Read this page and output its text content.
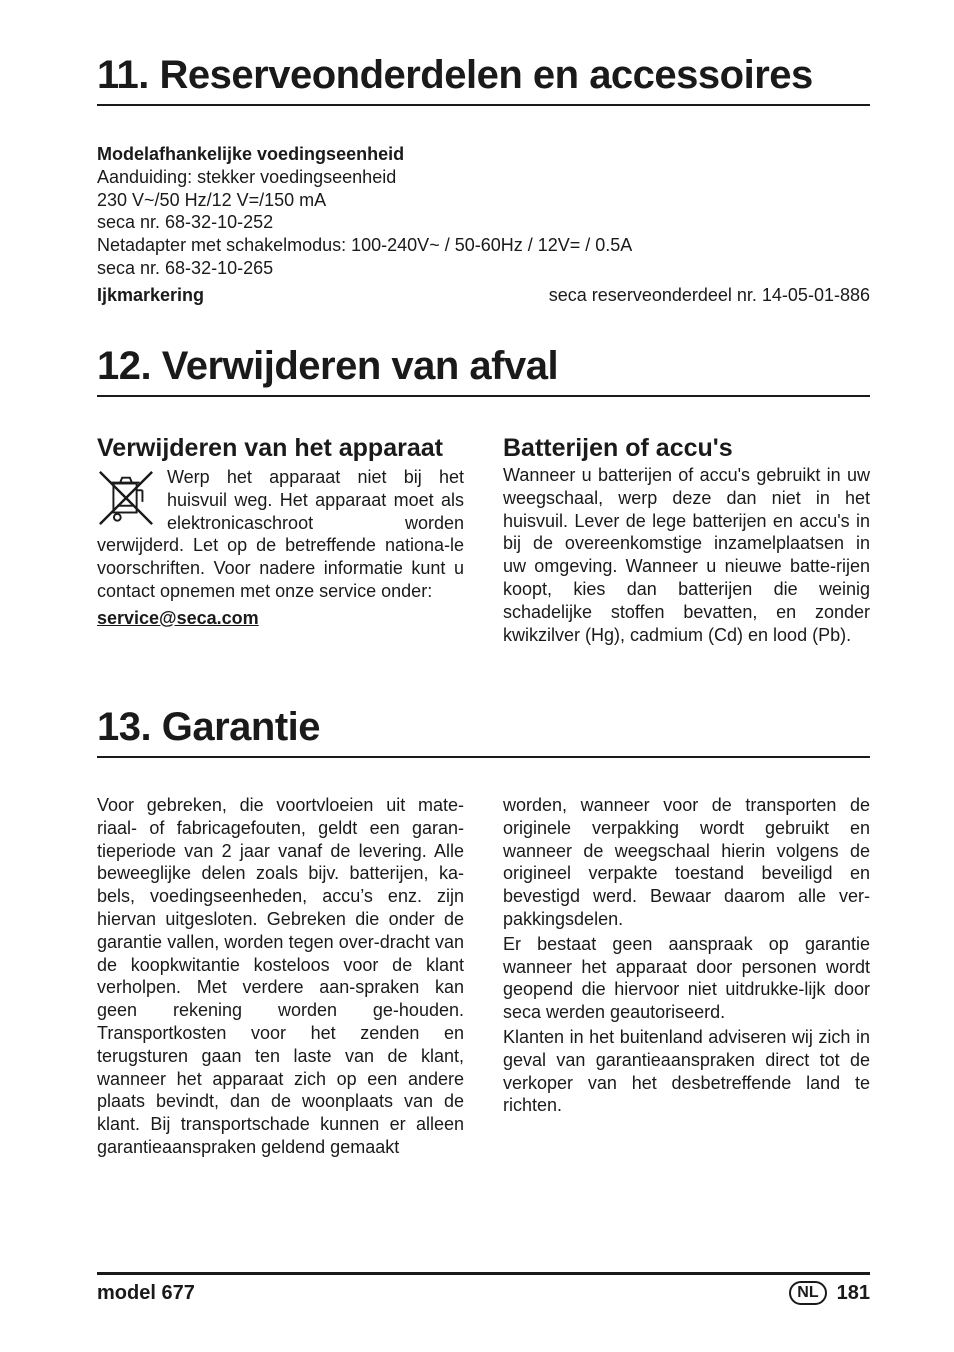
11. Reserveonderdelen en accessoires

Modelafhankelijke voedingseenheid

Aanduiding: stekker voedingseenheid

230 V~/50 Hz/12 V=/150 mA

seca nr. 68-32-10-252

Netadapter met schakelmodus: 100-240V~ / 50-60Hz / 12V= / 0.5A

seca nr. 68-32-10-265

Ijkmarkering	seca reserveonderdeel nr. 14-05-01-886

12. Verwijderen van afval
Verwijderen van het apparaat
Werp het apparaat niet bij het huisvuil weg. Het apparaat moet als elektronicaschroot worden verwijderd. Let op de betreffende nationa-le voorschriften. Voor nadere informatie kunt u contact opnemen met onze service onder:
service@seca.com
Batterijen of accu's
Wanneer u batterijen of accu's gebruikt in uw weegschaal, werp deze dan niet in het huisvuil. Lever de lege batterijen en accu's in bij de overeenkomstige inzamelplaatsen in uw omgeving. Wanneer u nieuwe batte-rijen koopt, kies dan batterijen die weinig schadelijke stoffen bevatten, en zonder kwikzilver (Hg), cadmium (Cd) en lood (Pb).
13. Garantie
Voor gebreken, die voortvloeien uit mate-riaal- of fabricagefouten, geldt een garan-tieperiode van 2 jaar vanaf de levering. Alle beweeglijke delen zoals bijv. batterijen, ka-bels, voedingseenheden, accu’s enz. zijn hiervan uitgesloten. Gebreken die onder de garantie vallen, worden tegen over-dracht van de koopkwitantie kosteloos voor de klant verholpen. Met verdere aan-spraken kan geen rekening worden ge-houden. Transportkosten voor het zenden en terugsturen gaan ten laste van de klant, wanneer het apparaat zich op een andere plaats bevindt, dan de woonplaats van de klant. Bij transportschade kunnen er alleen garantieaanspraken geldend gemaakt
worden, wanneer voor de transporten de originele verpakking wordt gebruikt en wanneer de weegschaal hierin volgens de origineel verpakte toestand beveiligd en bevestigd werd. Bewaar daarom alle ver-pakkingsdelen.
Er bestaat geen aanspraak op garantie wanneer het apparaat door personen wordt geopend die hiervoor niet uitdrukke-lijk door seca werden geautoriseerd.
Klanten in het buitenland adviseren wij zich in geval van garantieaanspraken direct tot de verkoper van het desbetreffende land te richten.
model 677	NL 181
